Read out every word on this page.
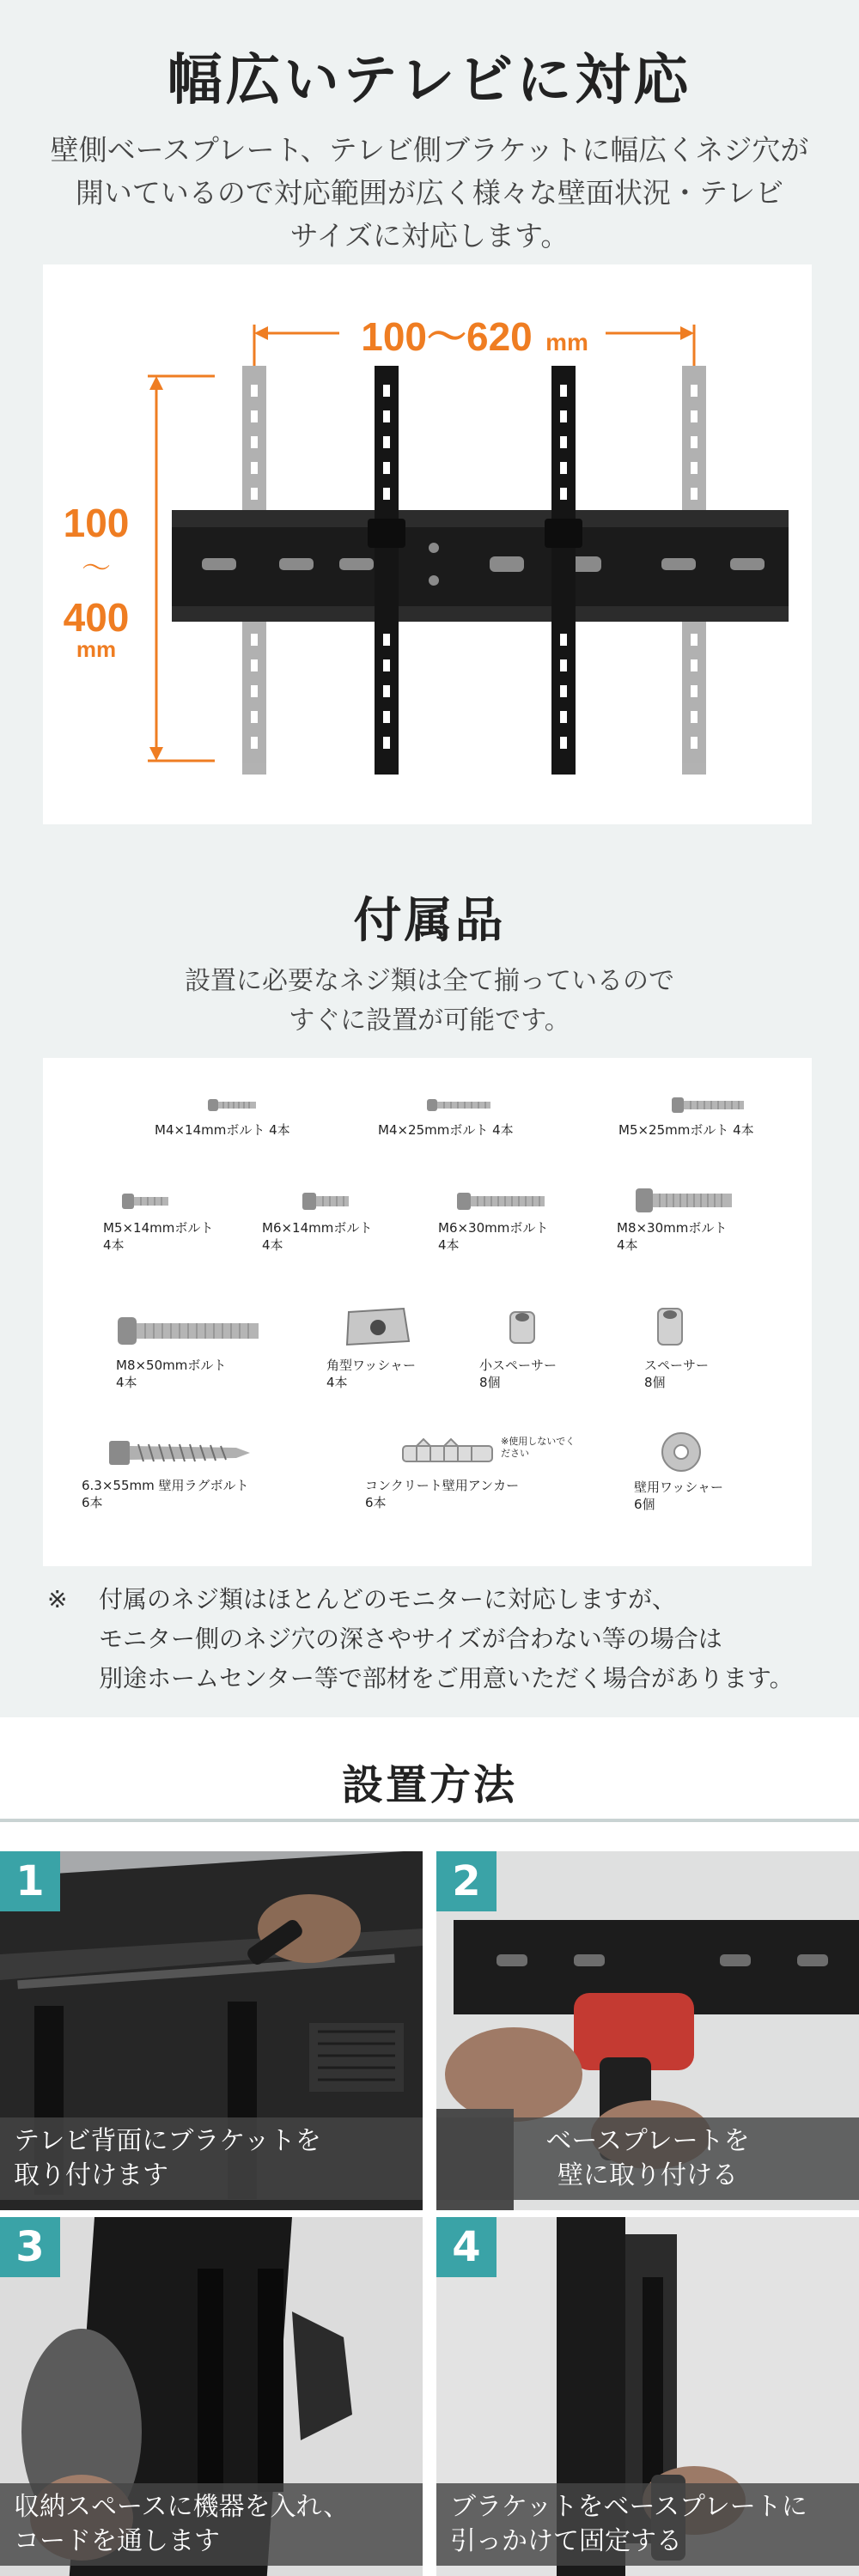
幅広いテレビに対応
壁側ベースプレート、テレビ側ブラケットに幅広くネジ穴が
開いているので対応範囲が広く様々な壁面状況・テレビ
サイズに対応します。
100～620 mm
100
～
400
mm
付属品
設置に必要なネジ類は全て揃っているので
すぐに設置が可能です。
M4×14mmボルト 4本	M4×25mmボルト 4本	M5×25mmボルト 4本
M5×14mmボルト
4本
M6×14mmボルト
4本
M6×30mmボルト
4本
M8×30mmボルト
4本
M8×50mmボルト
4本
角型ワッシャー
4本
小スペーサー
8個
スペーサー
8個
6.3×55mm 壁用ラグボルト
6本
※使用しないでください
コンクリート壁用アンカー
6本
壁用ワッシャー
6個
※ 付属のネジ類はほとんどのモニターに対応しますが、
モニター側のネジ穴の深さやサイズが合わない等の場合は
別途ホームセンター等で部材をご用意いただく場合があります。
設置方法
1
テレビ背面にブラケットを
取り付けます
2
ベースプレートを
壁に取り付ける
3
収納スペースに機器を入れ、
コードを通します
4
ブラケットをベースプレートに
引っかけて固定する
